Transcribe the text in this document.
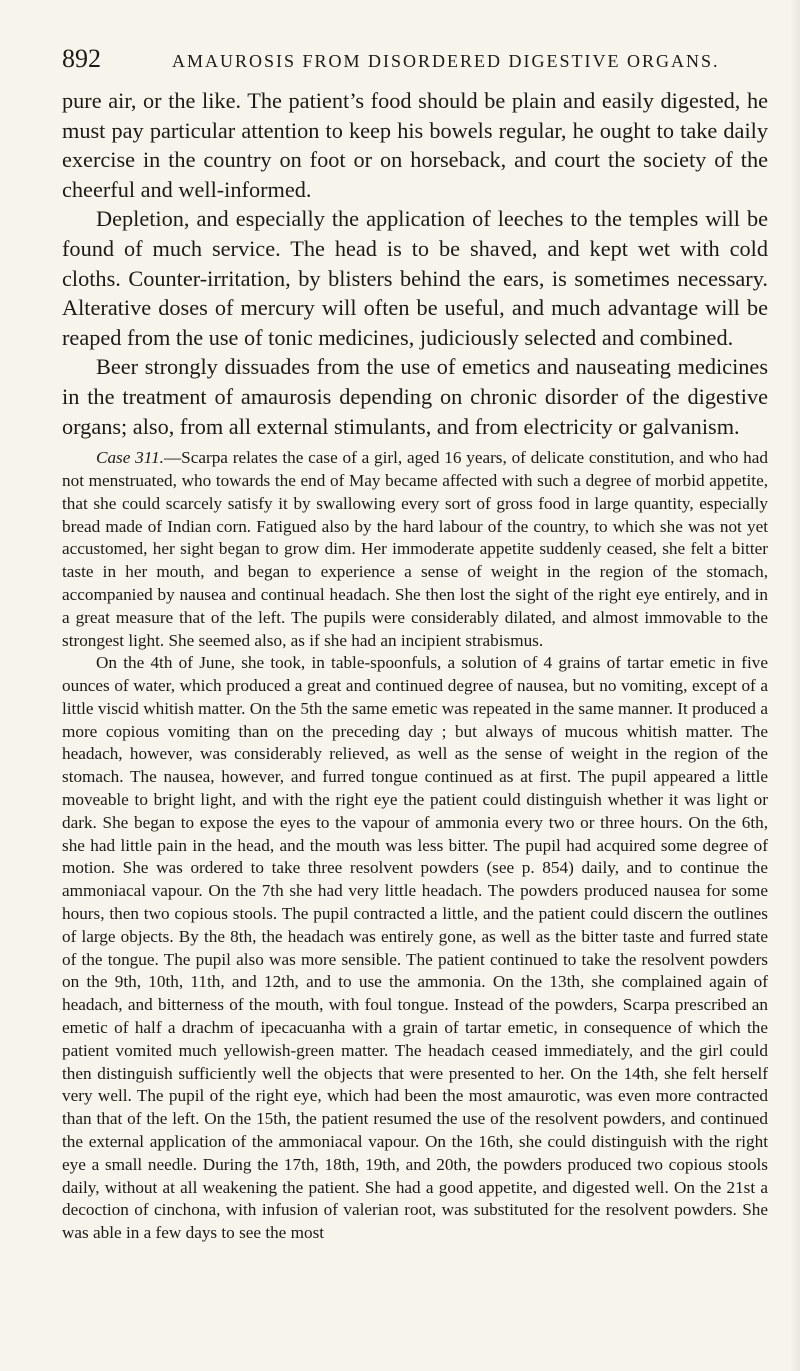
892	AMAUROSIS FROM DISORDERED DIGESTIVE ORGANS.

pure air, or the like. The patient’s food should be plain and easily digested, he must pay particular attention to keep his bowels regular, he ought to take daily exercise in the country on foot or on horseback, and court the society of the cheerful and well-informed.

Depletion, and especially the application of leeches to the temples will be found of much service. The head is to be shaved, and kept wet with cold cloths. Counter-irritation, by blisters behind the ears, is sometimes necessary. Alterative doses of mercury will often be useful, and much advantage will be reaped from the use of tonic medicines, judiciously selected and combined.

Beer strongly dissuades from the use of emetics and nauseating medicines in the treatment of amaurosis depending on chronic disorder of the digestive organs; also, from all external stimulants, and from electricity or galvanism.

Case 311.—Scarpa relates the case of a girl, aged 16 years, of delicate constitution, and who had not menstruated, who towards the end of May became affected with such a degree of morbid appetite, that she could scarcely satisfy it by swallowing every sort of gross food in large quantity, especially bread made of Indian corn. Fatigued also by the hard labour of the country, to which she was not yet accustomed, her sight began to grow dim. Her immoderate appetite suddenly ceased, she felt a bitter taste in her mouth, and began to experience a sense of weight in the region of the stomach, accompanied by nausea and continual headach. She then lost the sight of the right eye entirely, and in a great measure that of the left. The pupils were considerably dilated, and almost immovable to the strongest light. She seemed also, as if she had an incipient strabismus.

On the 4th of June, she took, in table-spoonfuls, a solution of 4 grains of tartar emetic in five ounces of water, which produced a great and continued degree of nausea, but no vomiting, except of a little viscid whitish matter. On the 5th the same emetic was repeated in the same manner. It produced a more copious vomiting than on the preceding day ; but always of mucous whitish matter. The headach, however, was considerably relieved, as well as the sense of weight in the region of the stomach. The nausea, however, and furred tongue continued as at first. The pupil appeared a little moveable to bright light, and with the right eye the patient could distinguish whether it was light or dark. She began to expose the eyes to the vapour of ammonia every two or three hours. On the 6th, she had little pain in the head, and the mouth was less bitter. The pupil had acquired some degree of motion. She was ordered to take three resolvent powders (see p. 854) daily, and to continue the ammoniacal vapour. On the 7th she had very little headach. The powders produced nausea for some hours, then two copious stools. The pupil contracted a little, and the patient could discern the outlines of large objects. By the 8th, the headach was entirely gone, as well as the bitter taste and furred state of the tongue. The pupil also was more sensible. The patient continued to take the resolvent powders on the 9th, 10th, 11th, and 12th, and to use the ammonia. On the 13th, she complained again of headach, and bitterness of the mouth, with foul tongue. Instead of the powders, Scarpa prescribed an emetic of half a drachm of ipecacuanha with a grain of tartar emetic, in consequence of which the patient vomited much yellowish-green matter. The headach ceased immediately, and the girl could then distinguish sufficiently well the objects that were presented to her. On the 14th, she felt herself very well. The pupil of the right eye, which had been the most amaurotic, was even more contracted than that of the left. On the 15th, the patient resumed the use of the resolvent powders, and continued the external application of the ammoniacal vapour. On the 16th, she could distinguish with the right eye a small needle. During the 17th, 18th, 19th, and 20th, the powders produced two copious stools daily, without at all weakening the patient. She had a good appetite, and digested well. On the 21st a decoction of cinchona, with infusion of valerian root, was substituted for the resolvent powders. She was able in a few days to see the most
